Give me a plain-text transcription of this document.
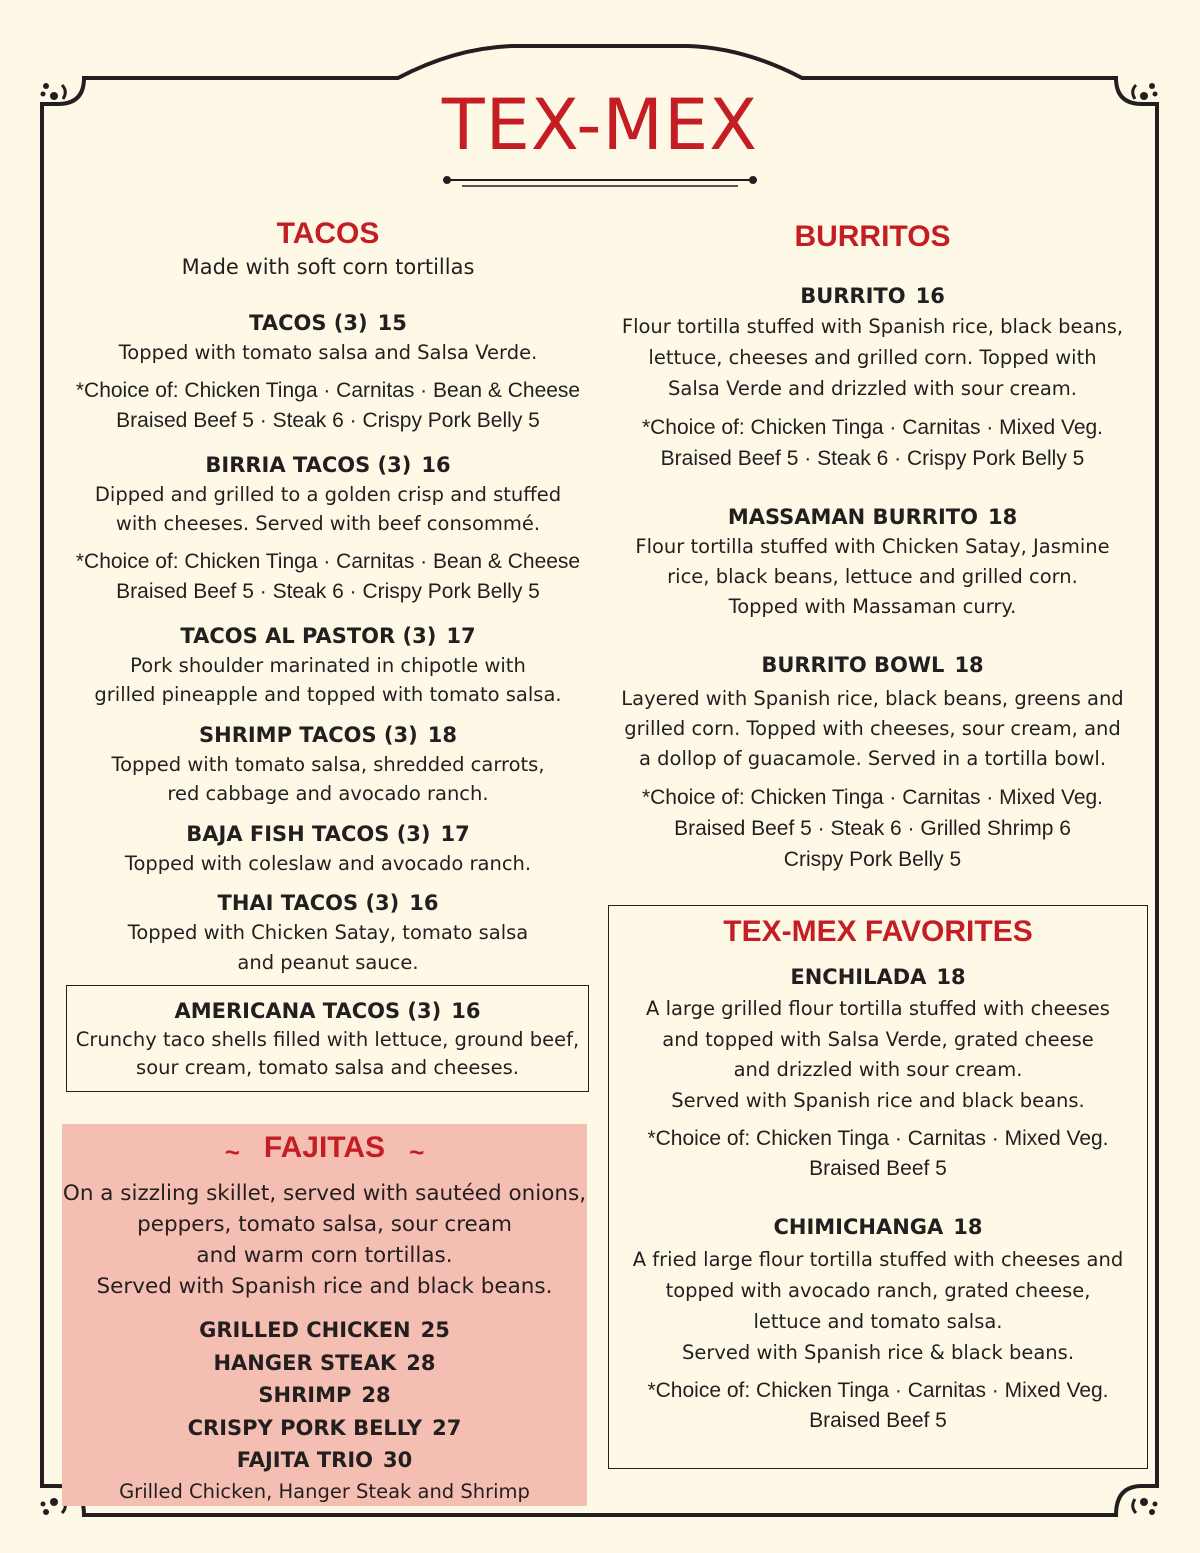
TEX-MEX
TACOS
Made with soft corn tortillas
TACOS (3) 15
Topped with tomato salsa and Salsa Verde.
*Choice of: Chicken Tinga · Carnitas · Bean & Cheese
Braised Beef 5 · Steak 6 · Crispy Pork Belly 5
BIRRIA TACOS (3) 16
Dipped and grilled to a golden crisp and stuffed
with cheeses. Served with beef consommé.
*Choice of: Chicken Tinga · Carnitas · Bean & Cheese
Braised Beef 5 · Steak 6 · Crispy Pork Belly 5
TACOS AL PASTOR (3) 17
Pork shoulder marinated in chipotle with
grilled pineapple and topped with tomato salsa.
SHRIMP TACOS (3) 18
Topped with tomato salsa, shredded carrots,
red cabbage and avocado ranch.
BAJA FISH TACOS (3) 17
Topped with coleslaw and avocado ranch.
THAI TACOS (3) 16
Topped with Chicken Satay, tomato salsa
and peanut sauce.
AMERICANA TACOS (3) 16
Crunchy taco shells filled with lettuce, ground beef,
sour cream, tomato salsa and cheeses.
~ FAJITAS ~
On a sizzling skillet, served with sautéed onions,
peppers, tomato salsa, sour cream
and warm corn tortillas.
Served with Spanish rice and black beans.
GRILLED CHICKEN 25
HANGER STEAK 28
SHRIMP 28
CRISPY PORK BELLY 27
FAJITA TRIO 30
Grilled Chicken, Hanger Steak and Shrimp
BURRITOS
BURRITO 16
Flour tortilla stuffed with Spanish rice, black beans,
lettuce, cheeses and grilled corn. Topped with
Salsa Verde and drizzled with sour cream.
*Choice of: Chicken Tinga · Carnitas · Mixed Veg.
Braised Beef 5 · Steak 6 · Crispy Pork Belly 5
MASSAMAN BURRITO 18
Flour tortilla stuffed with Chicken Satay, Jasmine
rice, black beans, lettuce and grilled corn.
Topped with Massaman curry.
BURRITO BOWL 18
Layered with Spanish rice, black beans, greens and
grilled corn. Topped with cheeses, sour cream, and
a dollop of guacamole. Served in a tortilla bowl.
*Choice of: Chicken Tinga · Carnitas · Mixed Veg.
Braised Beef 5 · Steak 6 · Grilled Shrimp 6
Crispy Pork Belly 5
TEX-MEX FAVORITES
ENCHILADA 18
A large grilled flour tortilla stuffed with cheeses
and topped with Salsa Verde, grated cheese
and drizzled with sour cream.
Served with Spanish rice and black beans.
*Choice of: Chicken Tinga · Carnitas · Mixed Veg.
Braised Beef 5
CHIMICHANGA 18
A fried large flour tortilla stuffed with cheeses and
topped with avocado ranch, grated cheese,
lettuce and tomato salsa.
Served with Spanish rice & black beans.
*Choice of: Chicken Tinga · Carnitas · Mixed Veg.
Braised Beef 5
